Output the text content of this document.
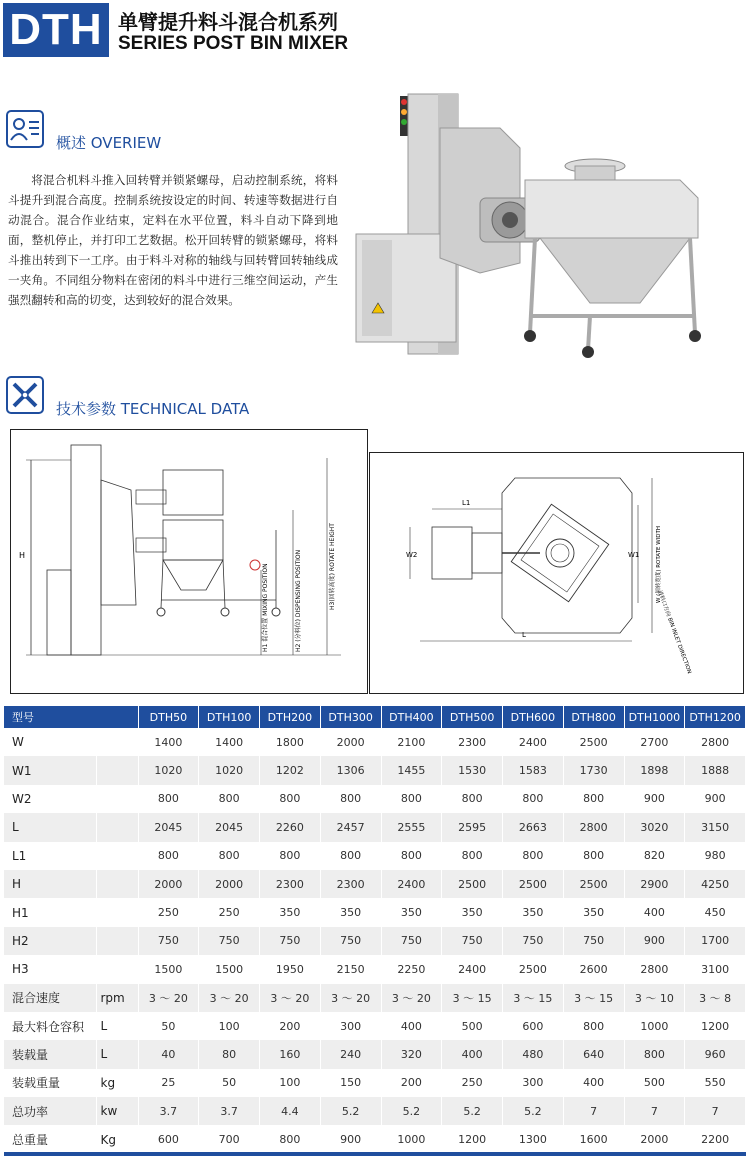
DTH 单臂提升料斗混合机系列
SERIES POST BIN MIXER
概述 OVERIEW

将混合机料斗推入回转臂并锁紧螺母，启动控制系统，将料斗提升到混合高度。控制系统按设定的时间、转速等数据进行自动混合。混合作业结束，定料在水平位置，料斗自动下降到地面，整机停止，并打印工艺数据。松开回转臂的锁紧螺母，将料斗推出转到下一工序。由于料斗对称的轴线与回转臂回转轴线成一夹角。不同组分物料在密闭的料斗中进行三维空间运动，产生强烈翻转和高的切变，达到较好的混合效果。

技术参数 TECHNICAL DATA
H
H1 混合位置 MIXING POSITION	H2 (分料位) DISPENSING POSITION	H3(回转高度) ROTATE HEIGHT
L1
W2
L
W1	W (回转宽度) ROTATE WIDTH
进料口方向 BIN INLET DIRECTION
型号		DTH50	DTH100	DTH200	DTH300	DTH400	DTH500	DTH600	DTH800	DTH1000	DTH1200
W		1400	1400	1800	2000	2100	2300	2400	2500	2700	2800
W1		1020	1020	1202	1306	1455	1530	1583	1730	1898	1888
W2		800	800	800	800	800	800	800	800	900	900
L		2045	2045	2260	2457	2555	2595	2663	2800	3020	3150
L1		800	800	800	800	800	800	800	800	820	980
H		2000	2000	2300	2300	2400	2500	2500	2500	2900	4250
H1		250	250	350	350	350	350	350	350	400	450
H2		750	750	750	750	750	750	750	750	900	1700
H3		1500	1500	1950	2150	2250	2400	2500	2600	2800	3100
混合速度	rpm	3 ～ 20	3 ～ 20	3 ～ 20	3 ～ 20	3 ～ 20	3 ～ 15	3 ～ 15	3 ～ 15	3 ～ 10	3 ～ 8
最大料仓容积	L	50	100	200	300	400	500	600	800	1000	1200
装载量	L	40	80	160	240	320	400	480	640	800	960
装载重量	kg	25	50	100	150	200	250	300	400	500	550
总功率	kw	3.7	3.7	4.4	5.2	5.2	5.2	5.2	7	7	7
总重量	Kg	600	700	800	900	1000	1200	1300	1600	2000	2200
